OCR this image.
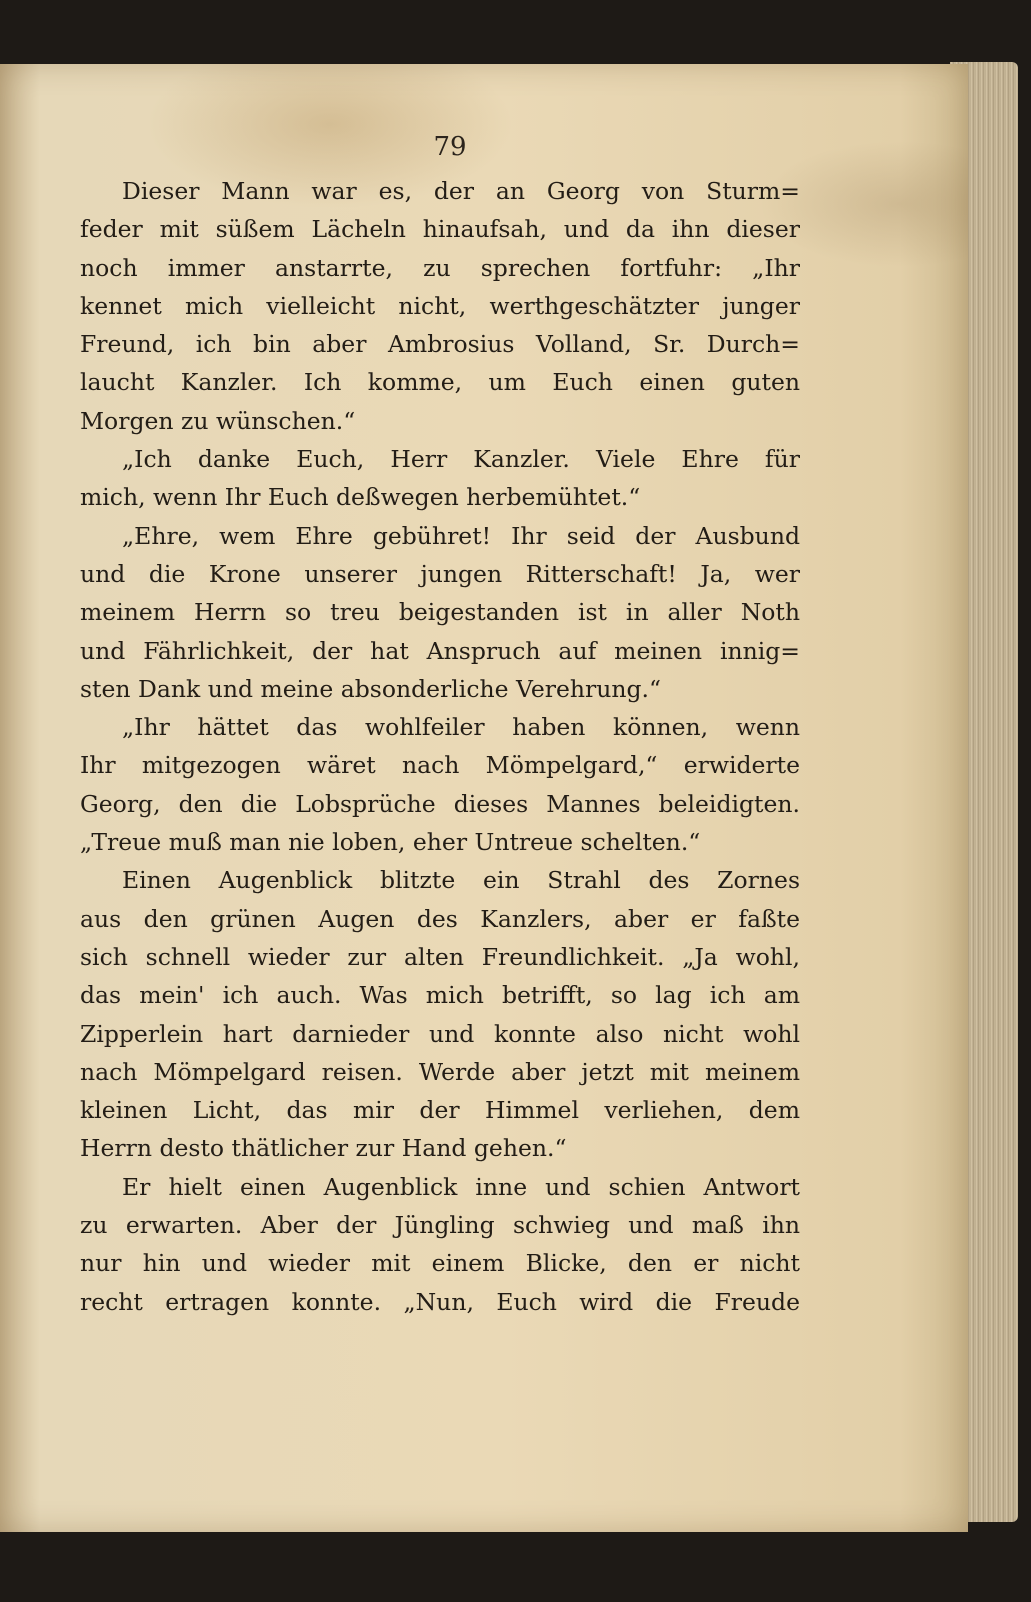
79
Dieser Mann war es, der an Georg von Sturm=
feder mit süßem Lächeln hinaufsah, und da ihn dieser
noch immer anstarrte, zu sprechen fortfuhr: „Ihr
kennet mich vielleicht nicht, werthgeschätzter junger
Freund, ich bin aber Ambrosius Volland, Sr. Durch=
laucht Kanzler. Ich komme, um Euch einen guten
Morgen zu wünschen.“
„Ich danke Euch, Herr Kanzler. Viele Ehre für
mich, wenn Ihr Euch deßwegen herbemühtet.“
„Ehre, wem Ehre gebühret! Ihr seid der Ausbund
und die Krone unserer jungen Ritterschaft! Ja, wer
meinem Herrn so treu beigestanden ist in aller Noth
und Fährlichkeit, der hat Anspruch auf meinen innig=
sten Dank und meine absonderliche Verehrung.“
„Ihr hättet das wohlfeiler haben können, wenn
Ihr mitgezogen wäret nach Mömpelgard,“ erwiderte
Georg, den die Lobsprüche dieses Mannes beleidigten.
„Treue muß man nie loben, eher Untreue schelten.“
Einen Augenblick blitzte ein Strahl des Zornes
aus den grünen Augen des Kanzlers, aber er faßte
sich schnell wieder zur alten Freundlichkeit. „Ja wohl,
das mein' ich auch. Was mich betrifft, so lag ich am
Zipperlein hart darnieder und konnte also nicht wohl
nach Mömpelgard reisen. Werde aber jetzt mit meinem
kleinen Licht, das mir der Himmel verliehen, dem
Herrn desto thätlicher zur Hand gehen.“
Er hielt einen Augenblick inne und schien Antwort
zu erwarten. Aber der Jüngling schwieg und maß ihn
nur hin und wieder mit einem Blicke, den er nicht
recht ertragen konnte. „Nun, Euch wird die Freude
